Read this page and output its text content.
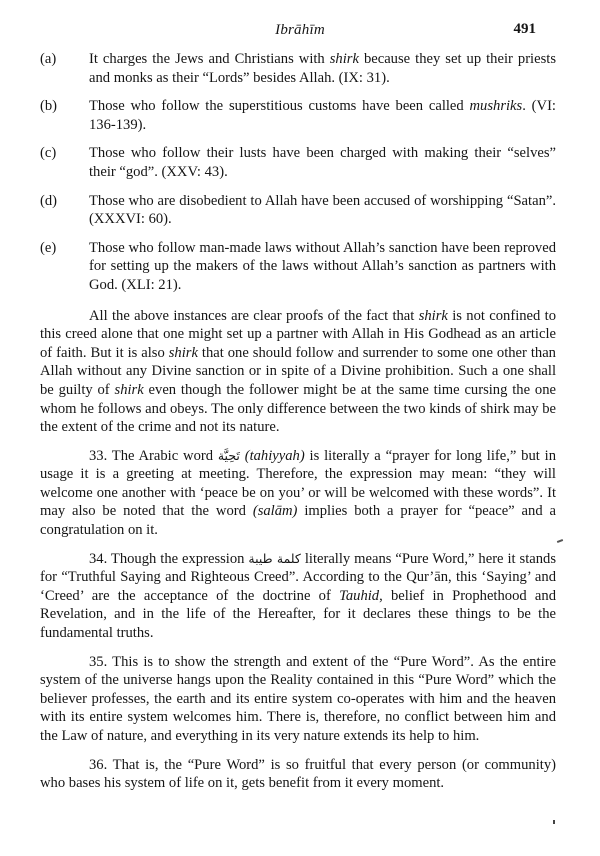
Ibrāhīm	491
(a)	It charges the Jews and Christians with shirk because they set up their priests and monks as their “Lords” besides Allah. (IX: 31).
(b)	Those who follow the superstitious customs have been called mushriks. (VI: 136-139).
(c)	Those who follow their lusts have been charged with making their “selves” their “god”. (XXV: 43).
(d)	Those who are disobedient to Allah have been accused of worshipping “Satan”. (XXXVI: 60).
(e)	Those who follow man-made laws without Allah’s sanction have been reproved for setting up the makers of the laws without Allah’s sanction as partners with God. (XLI: 21).

All the above instances are clear proofs of the fact that shirk is not confined to this creed alone that one might set up a partner with Allah in His Godhead as an article of faith. But it is also shirk that one should follow and surrender to some one other than Allah without any Divine sanction or in spite of a Divine prohibition. Such a one shall be guilty of shirk even though the follower might be at the same time cursing the one whom he follows and obeys. The only difference between the two kinds of shirk may be the extent of the crime and not its nature.

33. The Arabic word تَحِيَّة (tahiyyah) is literally a “prayer for long life,” but in usage it is a greeting at meeting. Therefore, the expression may mean: “they will welcome one another with ‘peace be on you’ or will be welcomed with these words”. It may also be noted that the word (salām) implies both a prayer for “peace” and a congratulation on it.

34. Though the expression كلمة طيبة literally means “Pure Word,” here it stands for “Truthful Saying and Righteous Creed”. According to the Qur’ān, this ‘Saying’ and ‘Creed’ are the acceptance of the doctrine of Tauhid, belief in Prophethood and Revelation, and in the life of the Hereafter, for it declares these things to be the fundamental truths.

35. This is to show the strength and extent of the “Pure Word”. As the entire system of the universe hangs upon the Reality contained in this “Pure Word” which the believer professes, the earth and its entire system co-operates with him and the heaven with its entire system welcomes him. There is, therefore, no conflict between him and the Law of nature, and everything in its very nature extends its help to him.

36. That is, the “Pure Word” is so fruitful that every person (or community) who bases his system of life on it, gets benefit from it every moment.
